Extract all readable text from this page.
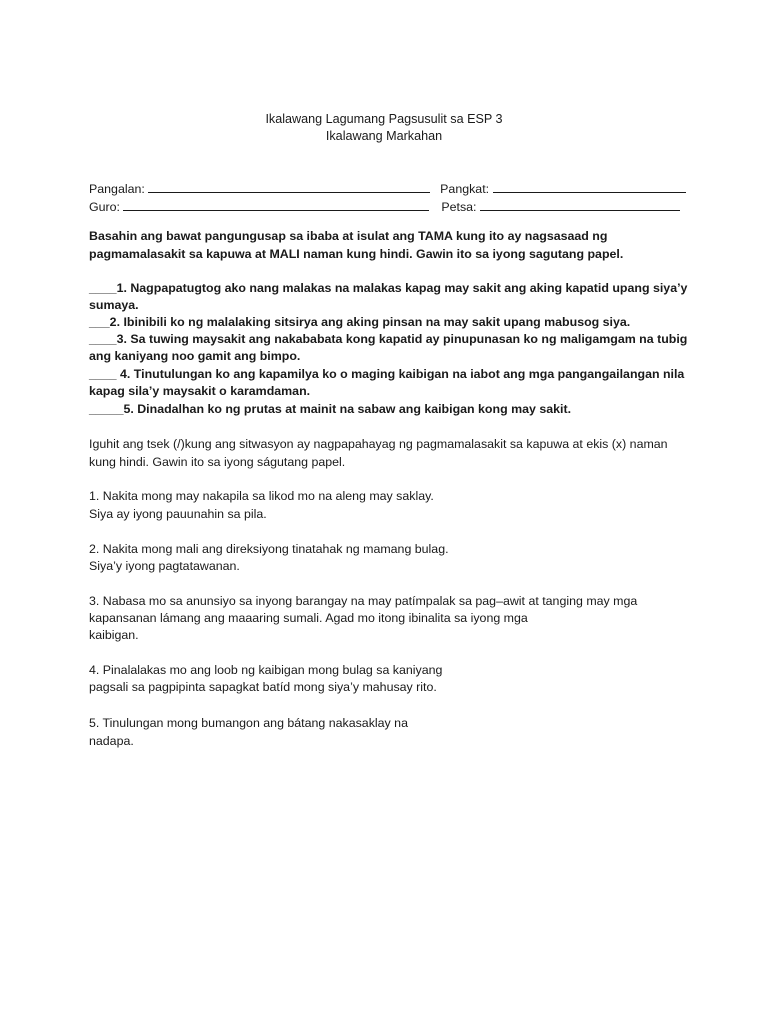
Ikalawang Lagumang Pagsusulit sa ESP 3
Ikalawang Markahan
Pangalan:	Pangkat:
Guro:	Petsa:
Basahin ang bawat pangungusap sa ibaba at isulat ang TAMA kung ito ay nagsasaad ng
pagmamalasakit sa kapuwa at MALI naman kung hindi. Gawin ito sa iyong sagutang papel.
____1. Nagpapatugtog ako nang malakas na malakas kapag may sakit ang aking kapatid upang siya’y
sumaya.
___2. Ibinibili ko ng malalaking sitsirya ang aking pinsan na may sakit upang mabusog siya.
____3. Sa tuwing maysakit ang nakababata kong kapatid ay pinupunasan ko ng maligamgam na tubig
ang kaniyang noo gamit ang bimpo.
____ 4. Tinutulungan ko ang kapamilya ko o maging kaibigan na iabot ang mga pangangailangan nila
kapag sila’y maysakit o karamdaman.
_____5. Dinadalhan ko ng prutas at mainit na sabaw ang kaibigan kong may sakit.
Iguhit ang tsek (/)kung ang sitwasyon ay nagpapahayag ng pagmamalasakit sa kapuwa at ekis (x) naman
kung hindi. Gawin ito sa iyong ságutang papel.
1. Nakita mong may nakapila sa likod mo na aleng may saklay.
Siya ay iyong pauunahin sa pila.
2. Nakita mong mali ang direksiyong tinatahak ng mamang bulag.
Siya’y iyong pagtatawanan.
3. Nabasa mo sa anunsiyo sa inyong barangay na may patímpalak sa pag–awit at tanging may mga
kapansanan lámang ang maaaring sumali. Agad mo itong ibinalita sa iyong mga
kaibigan.
4. Pinalalakas mo ang loob ng kaibigan mong bulag sa kaniyang
pagsali sa pagpipinta sapagkat batíd mong siya’y mahusay rito.
5. Tinulungan mong bumangon ang bátang nakasaklay na
nadapa.
